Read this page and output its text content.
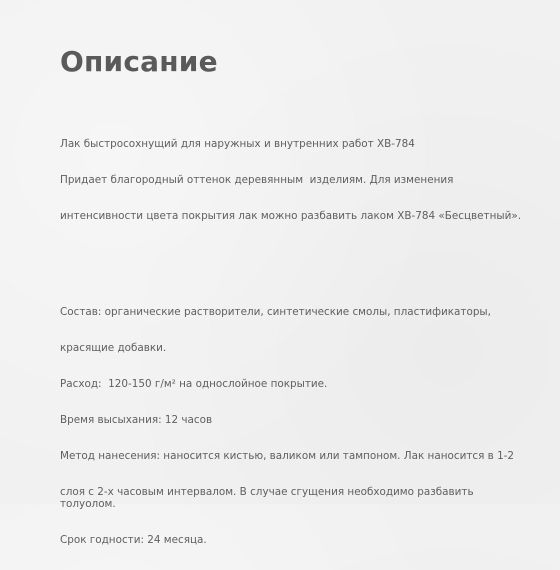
Описание

Лак быстросохнущий для наружных и внутренних работ ХВ-784

Придает благородный оттенок деревянным  изделиям. Для изменения

интенсивности цвета покрытия лак можно разбавить лаком ХВ-784 «Бесцветный».

Состав: органические растворители, синтетические смолы, пластификаторы,

красящие добавки.

Расход:  120-150 г/м² на однослойное покрытие.

Время высыхания: 12 часов

Метод нанесения: наносится кистью, валиком или тампоном. Лак наносится в 1-2

слоя с 2-х часовым интервалом. В случае сгущения необходимо разбавить толуолом.

Срок годности: 24 месяца.
